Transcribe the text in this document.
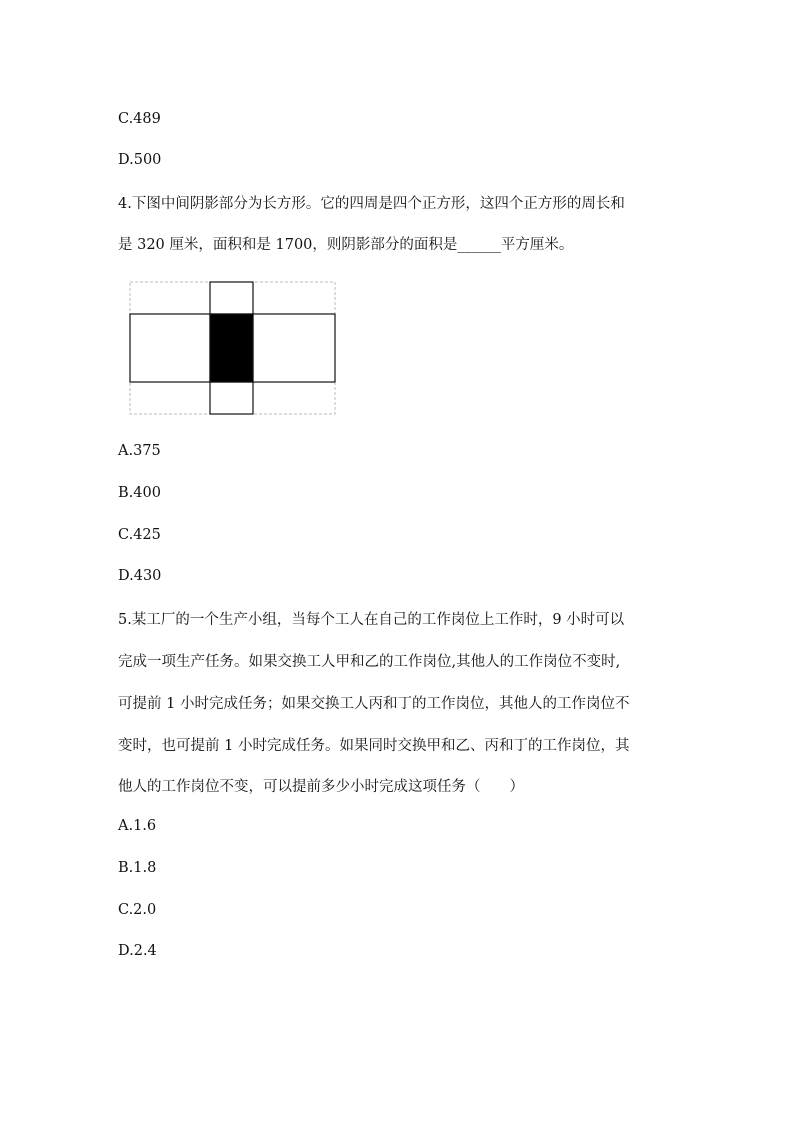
C.489
D.500
4.下图中间阴影部分为长方形。它的四周是四个正方形，这四个正方形的周长和
是 320 厘米，面积和是 1700，则阴影部分的面积是______平方厘米。
A.375
B.400
C.425
D.430
5.某工厂的一个生产小组，当每个工人在自己的工作岗位上工作时，9 小时可以
完成一项生产任务。如果交换工人甲和乙的工作岗位,其他人的工作岗位不变时,
可提前 1 小时完成任务；如果交换工人丙和丁的工作岗位，其他人的工作岗位不
变时，也可提前 1 小时完成任务。如果同时交换甲和乙、丙和丁的工作岗位，其
他人的工作岗位不变，可以提前多少小时完成这项任务（　　）
A.1.6
B.1.8
C.2.0
D.2.4
